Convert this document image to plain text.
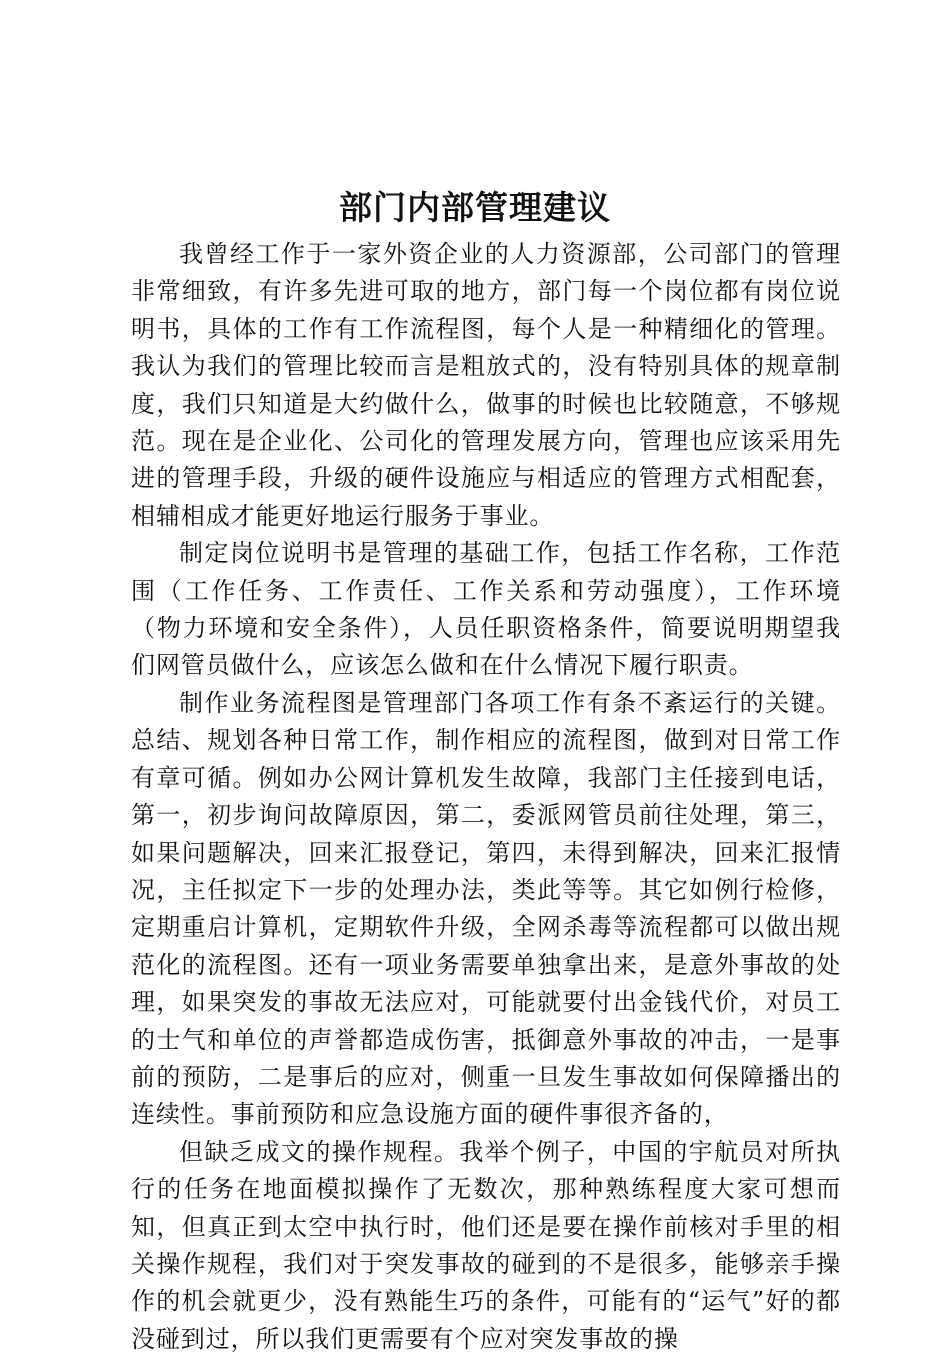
部门内部管理建议

我曾经工作于一家外资企业的人力资源部，公司部门的管理非常细致，有许多先进可取的地方，部门每一个岗位都有岗位说明书，具体的工作有工作流程图，每个人是一种精细化的管理。我认为我们的管理比较而言是粗放式的，没有特别具体的规章制度，我们只知道是大约做什么，做事的时候也比较随意，不够规范。现在是企业化、公司化的管理发展方向，管理也应该采用先进的管理手段，升级的硬件设施应与相适应的管理方式相配套，相辅相成才能更好地运行服务于事业。

制定岗位说明书是管理的基础工作，包括工作名称，工作范围（工作任务、工作责任、工作关系和劳动强度），工作环境（物力环境和安全条件），人员任职资格条件，简要说明期望我们网管员做什么，应该怎么做和在什么情况下履行职责。

制作业务流程图是管理部门各项工作有条不紊运行的关键。总结、规划各种日常工作，制作相应的流程图，做到对日常工作有章可循。例如办公网计算机发生故障，我部门主任接到电话，第一，初步询问故障原因，第二，委派网管员前往处理，第三，如果问题解决，回来汇报登记，第四，未得到解决，回来汇报情况，主任拟定下一步的处理办法，类此等等。其它如例行检修，定期重启计算机，定期软件升级，全网杀毒等流程都可以做出规范化的流程图。还有一项业务需要单独拿出来，是意外事故的处理，如果突发的事故无法应对，可能就要付出金钱代价，对员工的士气和单位的声誉都造成伤害，抵御意外事故的冲击，一是事前的预防，二是事后的应对，侧重一旦发生事故如何保障播出的连续性。事前预防和应急设施方面的硬件事很齐备的，

但缺乏成文的操作规程。我举个例子，中国的宇航员对所执行的任务在地面模拟操作了无数次，那种熟练程度大家可想而知，但真正到太空中执行时，他们还是要在操作前核对手里的相关操作规程，我们对于突发事故的碰到的不是很多，能够亲手操作的机会就更少，没有熟能生巧的条件，可能有的“运气”好的都没碰到过，所以我们更需要有个应对突发事故的操
